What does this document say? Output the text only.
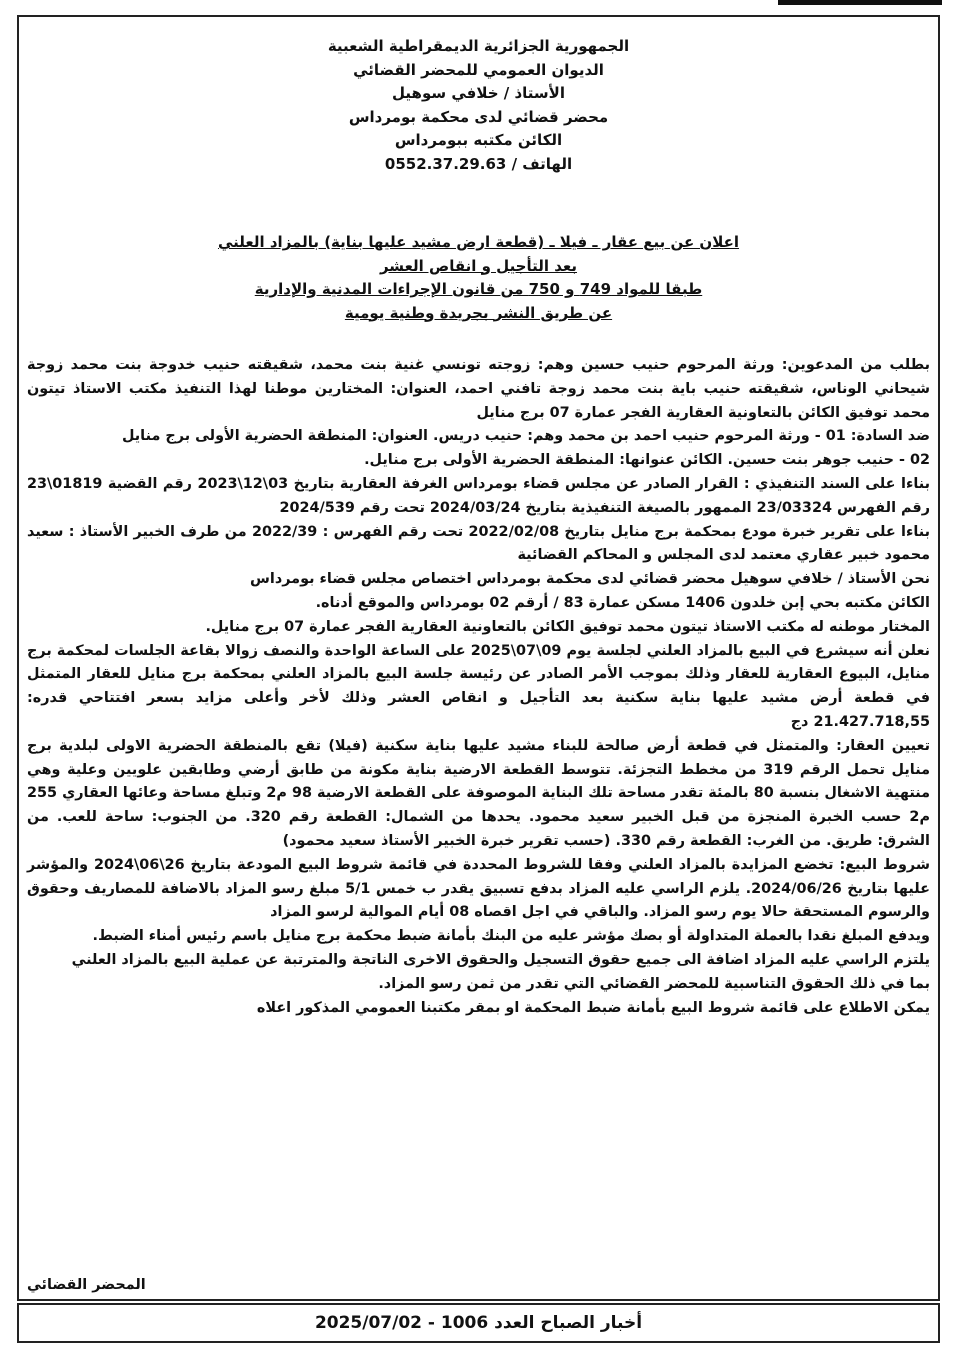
الجمهورية الجزائرية الديمقراطية الشعبية
الديوان العمومي للمحضر القضائي
الأستاذ / خلافي سوهيل
محضر قضائي لدى محكمة بومرداس
الكائن مكتبه ببومرداس
الهاتف / 0552.37.29.63
اعلان عن بيع عقار ـ فيلا ـ (قطعة ارض مشيد عليها بناية) بالمزاد العلني
بعد التأجيل و انقاص العشر
طبقا للمواد 749 و 750 من قانون الإجراءات المدنية والإدارية
عن طريق النشر بجريدة وطنية يومية

بطلب من المدعوين: ورثة المرحوم حنيب حسين وهم: زوجته تونسي غنية بنت محمد، شقيقته حنيب خدوجة بنت محمد زوجة شيحاني الوناس، شقيقته حنيب باية بنت محمد زوجة تافني احمد، العنوان: المختارين موطنا لهذا التنفيذ مكتب الاستاذ تيتون محمد توفيق الكائن بالتعاونية العقارية الفجر عمارة 07 برج منايل

ضد السادة: 01 - ورثة المرحوم حنيب احمد بن محمد وهم: حنيب دريس. العنوان: المنطقة الحضرية الأولى برج منايل

02 - حنيب جوهر بنت حسين. الكائن عنوانها: المنطقة الحضرية الأولى برج منايل.

بناءا على السند التنفيذي : القرار الصادر عن مجلس قضاء بومرداس الغرفة العقارية بتاريخ 03\12\2023 رقم القضية 01819\23 رقم الفهرس 23/03324 الممهور بالصيغة التنفيذية بتاريخ 2024/03/24 تحت رقم 2024/539

بناءا على تقرير خبرة مودع بمحكمة برج منايل بتاريخ 2022/02/08 تحت رقم الفهرس : 2022/39 من طرف الخبير الأستاذ : سعيد محمود خبير عقاري معتمد لدى المجلس و المحاكم القضائية

نحن الأستاذ / خلافي سوهيل محضر قضائي لدى محكمة بومرداس اختصاص مجلس قضاء بومرداس

الكائن مكتبه بحي إبن خلدون 1406 مسكن عمارة 83 / أرقم 02 بومرداس والموقع أدناه.

المختار موطنه له مكتب الاستاذ تيتون محمد توفيق الكائن بالتعاونية العقارية الفجر عمارة 07 برج منايل.

نعلن أنه سيشرع في البيع بالمزاد العلني لجلسة يوم 09\07\2025 على الساعة الواحدة والنصف زوالا بقاعة الجلسات لمحكمة برج منايل، البيوع العقارية للعقار وذلك بموجب الأمر الصادر عن رئيسة جلسة البيع بالمزاد العلني بمحكمة برج منايل للعقار المتمثل في قطعة أرض مشيد عليها بناية سكنية بعد التأجيل و انقاص العشر وذلك لأخر وأعلى مزايد بسعر افتتاحي قدره: 21.427.718,55 دج

تعيين العقار: والمتمثل في قطعة أرض صالحة للبناء مشيد عليها بناية سكنية (فيلا) تقع بالمنطقة الحضرية الاولى لبلدية برج منايل تحمل الرقم 319 من مخطط التجزئة. تتوسط القطعة الارضية بناية مكونة من طابق أرضي وطابقين علويين وعلية وهي منتهية الاشغال بنسبة 80 بالمئة تقدر مساحة تلك البناية الموصوفة على القطعة الارضية 98 م2 وتبلغ مساحة وعائها العقاري 255 م2 حسب الخبرة المنجزة من قبل الخبير سعيد محمود. يحدها من الشمال: القطعة رقم 320. من الجنوب: ساحة للعب. من الشرق: طريق. من الغرب: القطعة رقم 330. (حسب تقرير خبرة الخبير الأستاذ سعيد محمود)

شروط البيع: تخضع المزايدة بالمزاد العلني وفقا للشروط المحددة في قائمة شروط البيع المودعة بتاريخ 26\06\2024 والمؤشر عليها بتاريخ 2024/06/26. يلزم الراسي عليه المزاد بدفع تسبيق يقدر ب خمس 5/1 مبلغ رسو المزاد بالاضافة للمصاريف وحقوق والرسوم المستحقة حالا يوم رسو المزاد. والباقي في اجل اقصاه 08 أيام الموالية لرسو المزاد

ويدفع المبلغ نقدا بالعملة المتداولة أو بصك مؤشر عليه من البنك بأمانة ضبط محكمة برج منايل باسم رئيس أمناء الضبط.

يلتزم الراسي عليه المزاد اضافة الى جميع حقوق التسجيل والحقوق الاخرى الناتجة والمترتبة عن عملية البيع بالمزاد العلني

بما في ذلك الحقوق التناسبية للمحضر القضائي التي تقدر من ثمن رسو المزاد.

يمكن الاطلاع على قائمة شروط البيع بأمانة ضبط المحكمة او بمقر مكتبنا العمومي المذكور اعلاه

المحضر القضائي
أخبار الصباح العدد 1006 - 2025/07/02
